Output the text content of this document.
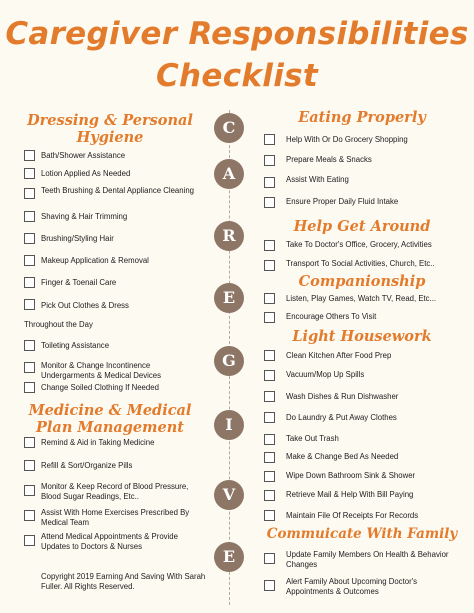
Caregiver Responsibilities
Checklist
C
A
R
E
G
I
V
E
Dressing & Personal
Hygiene
Bath/Shower Assistance
Lotion Applied As Needed
Teeth Brushing & Dental Appliance Cleaning
Shaving & Hair Trimming
Brushing/Styling Hair
Makeup Application & Removal
Finger & Toenail Care
Pick Out Clothes & Dress
Throughout the Day
Toileting Assistance
Monitor & Change Incontinence Undergarments & Medical Devices
Change Soiled Clothing If Needed
Medicine & Medical
Plan Management
Remind & Aid in Taking Medicine
Refill & Sort/Organize Pills
Monitor & Keep Record of Blood Pressure, Blood Sugar Readings, Etc..
Assist With Home Exercises Prescribed By Medical Team
Attend Medical Appointments & Provide Updates to Doctors & Nurses
Copyright 2019 Earning And Saving With Sarah Fuller. All Rights Reserved.
Eating Properly
Help With Or Do Grocery Shopping
Prepare Meals & Snacks
Assist With Eating
Ensure Proper Daily Fluid Intake
Help Get Around
Take To Doctor's Office, Grocery, Activities
Transport To Social Activities, Church, Etc..
Companionship
Listen, Play Games, Watch TV, Read, Etc...
Encourage Others To Visit
Light Housework
Clean Kitchen After Food Prep
Vacuum/Mop Up Spills
Wash Dishes & Run Dishwasher
Do Laundry & Put Away Clothes
Take Out Trash
Make & Change Bed As Needed
Wipe Down Bathroom Sink & Shower
Retrieve Mail & Help With Bill Paying
Maintain File Of Receipts For Records
Commuicate With Family
Update Family Members On Health & Behavior Changes
Alert Family About Upcoming Doctor's Appointments & Outcomes
